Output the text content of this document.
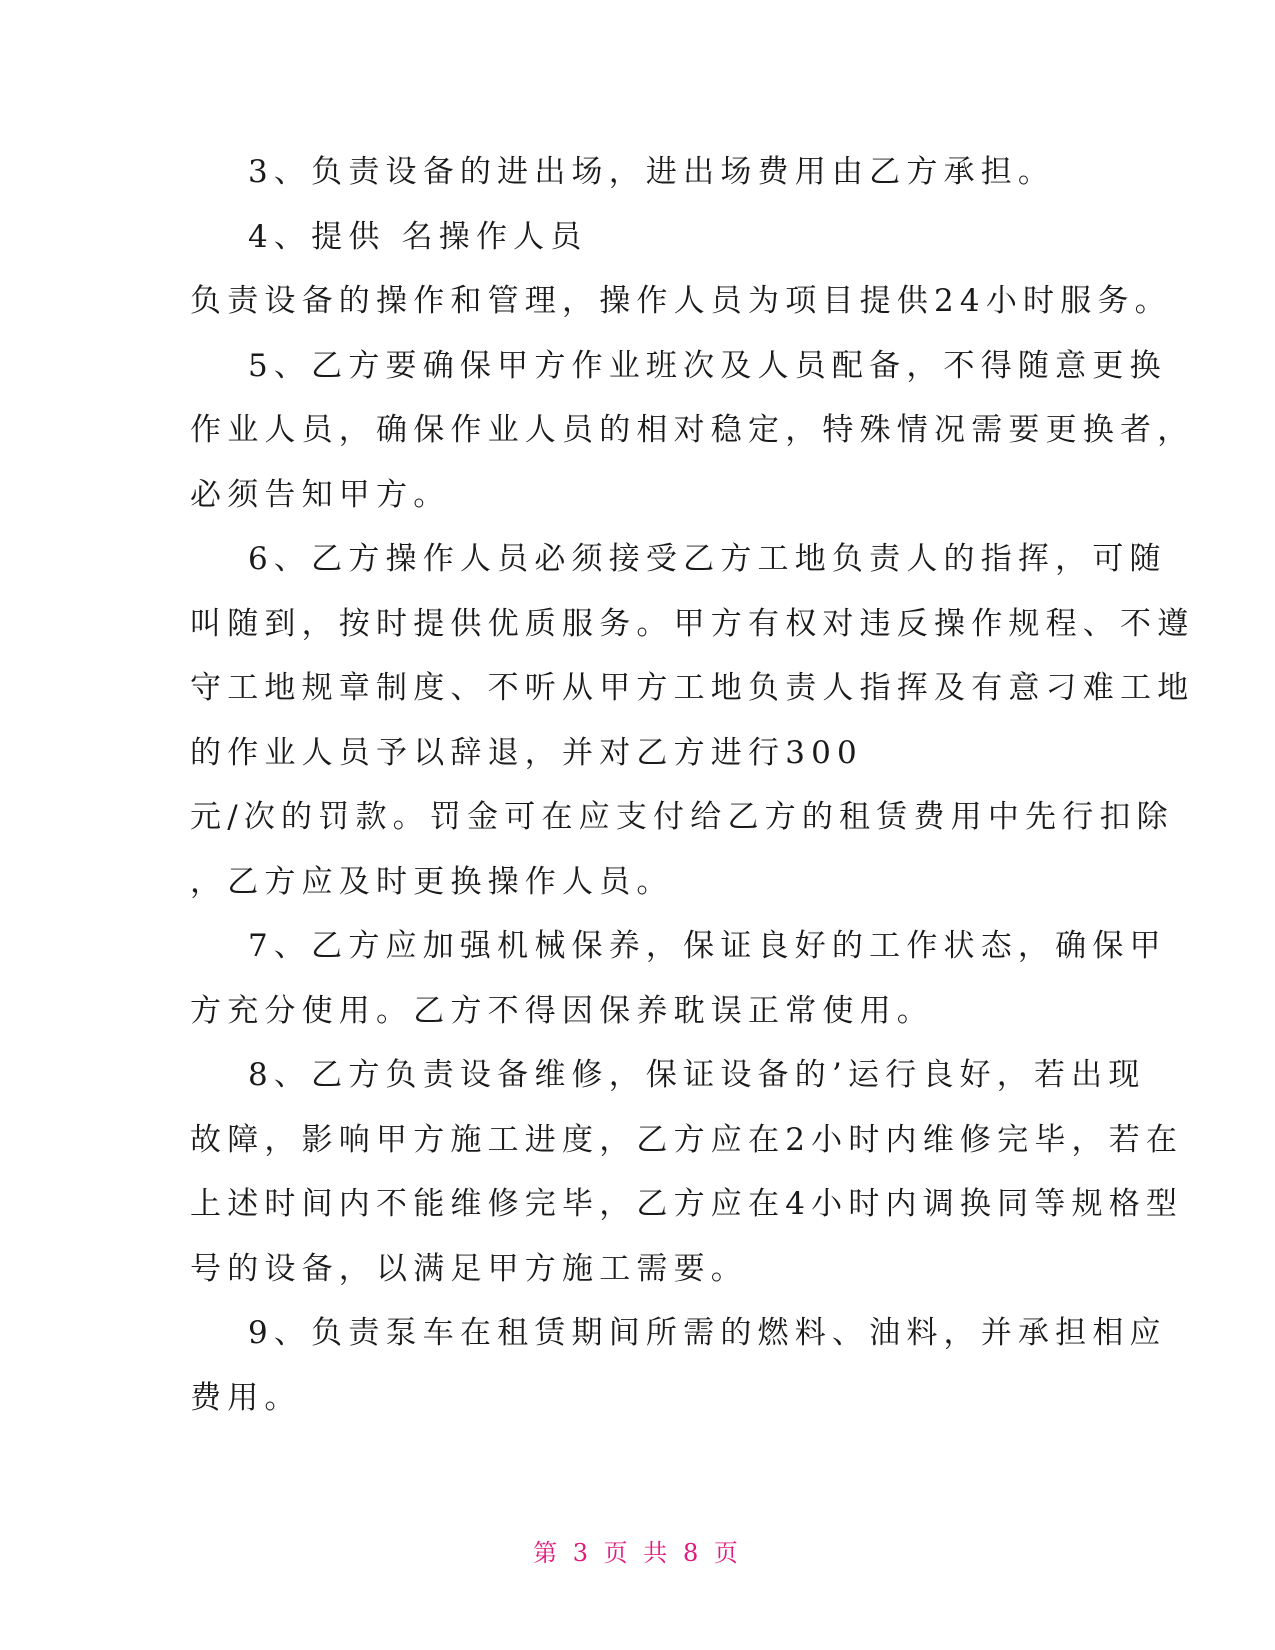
3、负责设备的进出场，进出场费用由乙方承担。

4、提供 名操作人员

负责设备的操作和管理，操作人员为项目提供24小时服务。

5、乙方要确保甲方作业班次及人员配备，不得随意更换

作业人员，确保作业人员的相对稳定，特殊情况需要更换者，

必须告知甲方。

6、乙方操作人员必须接受乙方工地负责人的指挥，可随

叫随到，按时提供优质服务。甲方有权对违反操作规程、不遵

守工地规章制度、不听从甲方工地负责人指挥及有意刁难工地

的作业人员予以辞退，并对乙方进行300

元/次的罚款。罚金可在应支付给乙方的租赁费用中先行扣除

，乙方应及时更换操作人员。

7、乙方应加强机械保养，保证良好的工作状态，确保甲

方充分使用。乙方不得因保养耽误正常使用。

8、乙方负责设备维修，保证设备的’运行良好，若出现

故障，影响甲方施工进度，乙方应在2小时内维修完毕，若在

上述时间内不能维修完毕，乙方应在4小时内调换同等规格型

号的设备，以满足甲方施工需要。

9、负责泵车在租赁期间所需的燃料、油料，并承担相应

费用。

第 3 页 共 8 页
